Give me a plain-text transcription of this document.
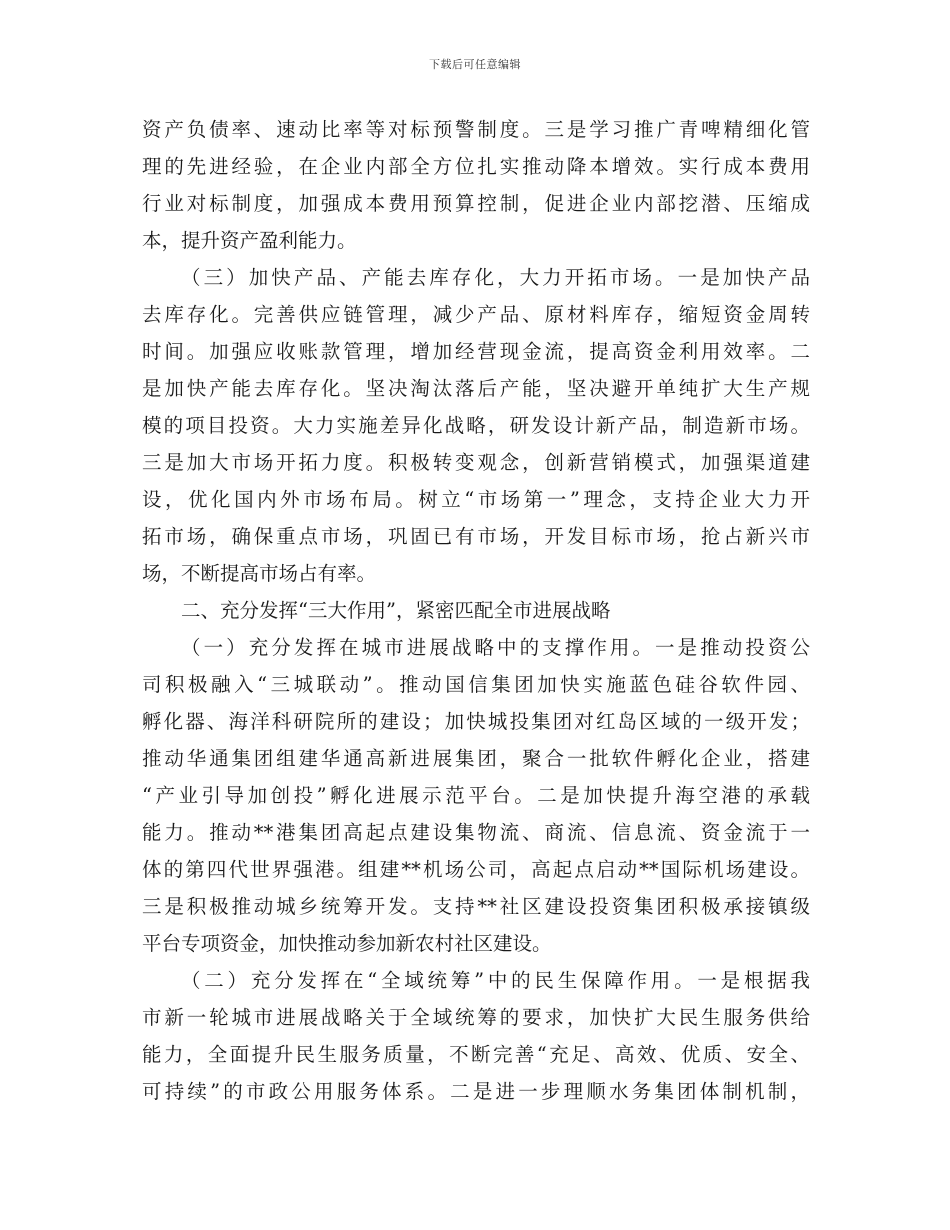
下载后可任意编辑
资产负债率、速动比率等对标预警制度。三是学习推广青啤精细化管
理的先进经验，在企业内部全方位扎实推动降本增效。实行成本费用
行业对标制度，加强成本费用预算控制，促进企业内部挖潜、压缩成
本，提升资产盈利能力。
（三）加快产品、产能去库存化，大力开拓市场。一是加快产品
去库存化。完善供应链管理，减少产品、原材料库存，缩短资金周转
时间。加强应收账款管理，增加经营现金流，提高资金利用效率。二
是加快产能去库存化。坚决淘汰落后产能，坚决避开单纯扩大生产规
模的项目投资。大力实施差异化战略，研发设计新产品，制造新市场。
三是加大市场开拓力度。积极转变观念，创新营销模式，加强渠道建
设，优化国内外市场布局。树立“市场第一”理念，支持企业大力开
拓市场，确保重点市场，巩固已有市场，开发目标市场，抢占新兴市
场，不断提高市场占有率。
二、充分发挥“三大作用”，紧密匹配全市进展战略
（一）充分发挥在城市进展战略中的支撑作用。一是推动投资公
司积极融入“三城联动”。推动国信集团加快实施蓝色硅谷软件园、
孵化器、海洋科研院所的建设；加快城投集团对红岛区域的一级开发；
推动华通集团组建华通高新进展集团，聚合一批软件孵化企业，搭建
“产业引导加创投”孵化进展示范平台。二是加快提升海空港的承载
能力。推动**港集团高起点建设集物流、商流、信息流、资金流于一
体的第四代世界强港。组建**机场公司，高起点启动**国际机场建设。
三是积极推动城乡统筹开发。支持**社区建设投资集团积极承接镇级
平台专项资金，加快推动参加新农村社区建设。
（二）充分发挥在“全域统筹”中的民生保障作用。一是根据我
市新一轮城市进展战略关于全域统筹的要求，加快扩大民生服务供给
能力，全面提升民生服务质量，不断完善“充足、高效、优质、安全、
可持续”的市政公用服务体系。二是进一步理顺水务集团体制机制，
